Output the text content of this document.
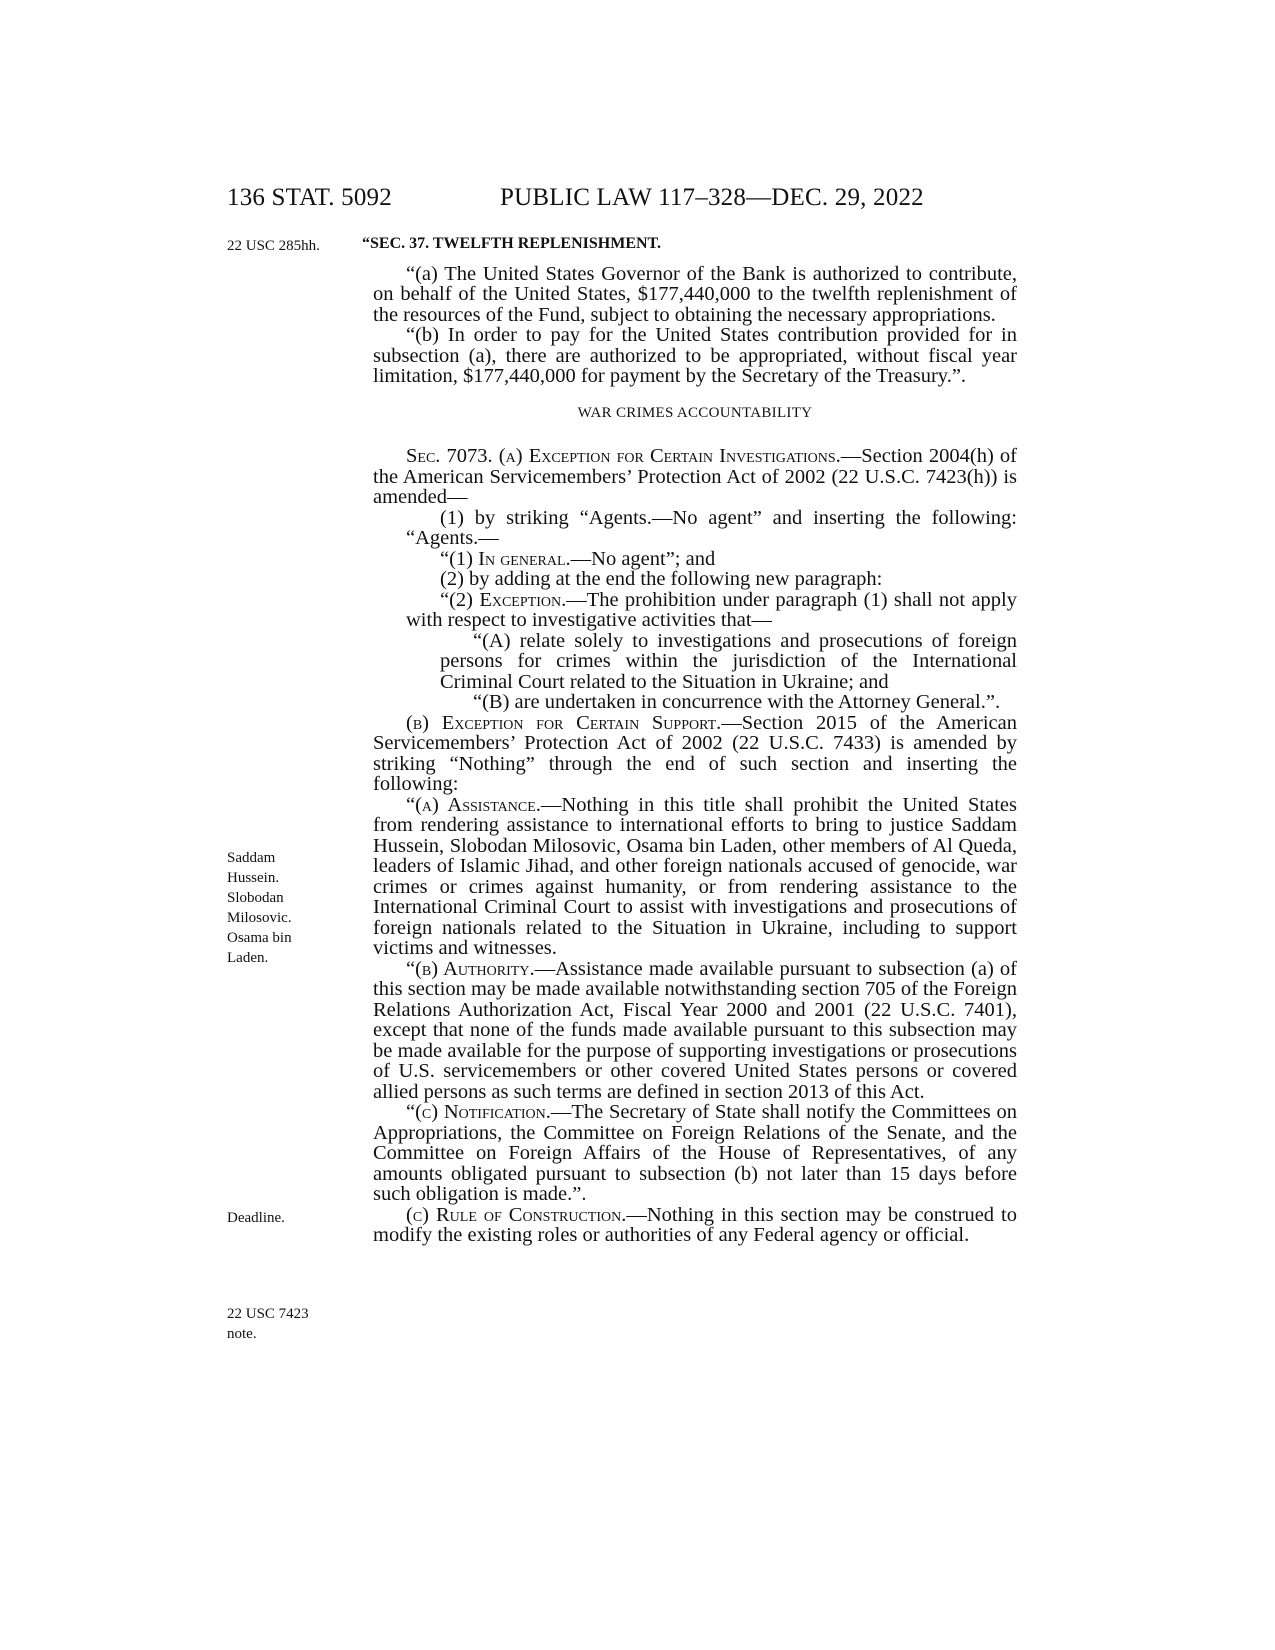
136 STAT. 5092	PUBLIC LAW 117–328—DEC. 29, 2022
22 USC 285hh.
Saddam Hussein. Slobodan Milosovic. Osama bin Laden.
Deadline.
22 USC 7423 note.

“SEC. 37. TWELFTH REPLENISHMENT.

“(a) The United States Governor of the Bank is authorized to contribute, on behalf of the United States, $177,440,000 to the twelfth replenishment of the resources of the Fund, subject to obtaining the necessary appropriations.

“(b) In order to pay for the United States contribution provided for in subsection (a), there are authorized to be appropriated, without fiscal year limitation, $177,440,000 for payment by the Secretary of the Treasury.”.

WAR CRIMES ACCOUNTABILITY

Sec. 7073. (a) Exception for Certain Investigations.—Section 2004(h) of the American Servicemembers’ Protection Act of 2002 (22 U.S.C. 7423(h)) is amended—

(1) by striking “Agents.—No agent” and inserting the following: “Agents.—

“(1) In general.—No agent”; and

(2) by adding at the end the following new paragraph:

“(2) Exception.—The prohibition under paragraph (1) shall not apply with respect to investigative activities that—

“(A) relate solely to investigations and prosecutions of foreign persons for crimes within the jurisdiction of the International Criminal Court related to the Situation in Ukraine; and

“(B) are undertaken in concurrence with the Attorney General.”.

(b) Exception for Certain Support.—Section 2015 of the American Servicemembers’ Protection Act of 2002 (22 U.S.C. 7433) is amended by striking “Nothing” through the end of such section and inserting the following:

“(a) Assistance.—Nothing in this title shall prohibit the United States from rendering assistance to international efforts to bring to justice Saddam Hussein, Slobodan Milosovic, Osama bin Laden, other members of Al Queda, leaders of Islamic Jihad, and other foreign nationals accused of genocide, war crimes or crimes against humanity, or from rendering assistance to the International Criminal Court to assist with investigations and prosecutions of foreign nationals related to the Situation in Ukraine, including to support victims and witnesses.

“(b) Authority.—Assistance made available pursuant to subsection (a) of this section may be made available notwithstanding section 705 of the Foreign Relations Authorization Act, Fiscal Year 2000 and 2001 (22 U.S.C. 7401), except that none of the funds made available pursuant to this subsection may be made available for the purpose of supporting investigations or prosecutions of U.S. servicemembers or other covered United States persons or covered allied persons as such terms are defined in section 2013 of this Act.

“(c) Notification.—The Secretary of State shall notify the Committees on Appropriations, the Committee on Foreign Relations of the Senate, and the Committee on Foreign Affairs of the House of Representatives, of any amounts obligated pursuant to subsection (b) not later than 15 days before such obligation is made.”.

(c) Rule of Construction.—Nothing in this section may be construed to modify the existing roles or authorities of any Federal agency or official.
